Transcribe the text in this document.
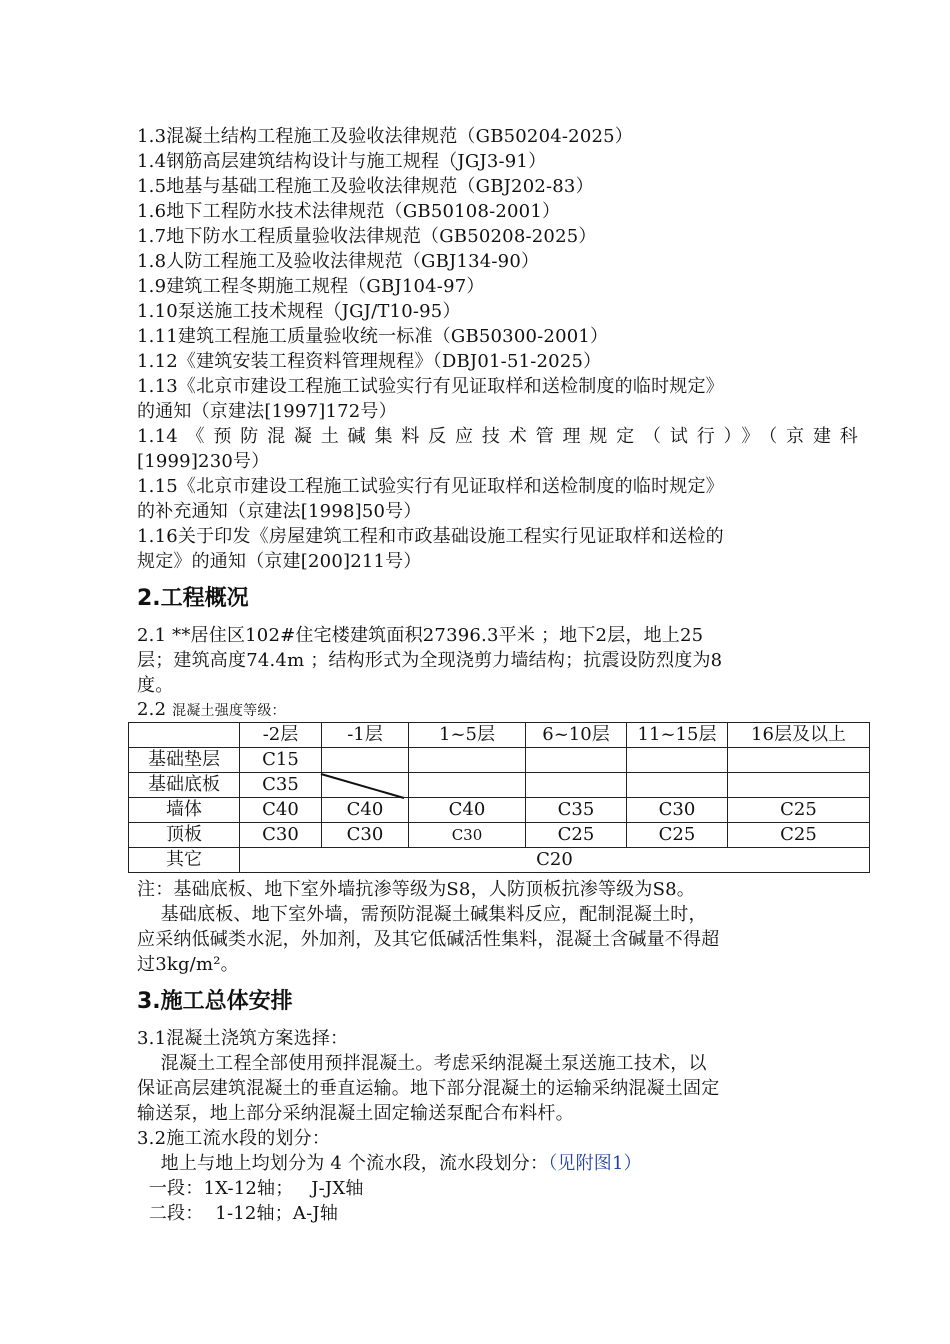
1.3混凝土结构工程施工及验收法律规范（GB50204-2025）
1.4钢筋高层建筑结构设计与施工规程（JGJ3-91）
1.5地基与基础工程施工及验收法律规范（GBJ202-83）
1.6地下工程防水技术法律规范（GB50108-2001）
1.7地下防水工程质量验收法律规范（GB50208-2025）
1.8人防工程施工及验收法律规范（GBJ134-90）
1.9建筑工程冬期施工规程（GBJ104-97）
1.10泵送施工技术规程（JGJ/T10-95）
1.11建筑工程施工质量验收统一标准（GB50300-2001）
1.12《建筑安装工程资料管理规程》（DBJ01-51-2025）
1.13《北京市建设工程施工试验实行有见证取样和送检制度的临时规定》
的通知（京建法[1997]172号）
1.14《预防混凝土碱集料反应技术管理规定（试行）》（京建科
[1999]230号）
1.15《北京市建设工程施工试验实行有见证取样和送检制度的临时规定》
的补充通知（京建法[1998]50号）
1.16关于印发《房屋建筑工程和市政基础设施工程实行见证取样和送检的
规定》的通知（京建[200]211号）
2.工程概况
2.1 **居住区102#住宅楼建筑面积27396.3平米 ；地下2层，地上25
层；建筑高度74.4m ；结构形式为全现浇剪力墙结构；抗震设防烈度为8
度。
2.2 混凝土强度等级：
	-2层	-1层	1~5层	6~10层	11~15层	16层及以上
基础垫层	C15					
基础底板	C35					
墙体	C40	C40	C40	C35	C30	C25
顶板	C30	C30	C30	C25	C25	C25
其它	C20					
注：基础底板、地下室外墙抗渗等级为S8，人防顶板抗渗等级为S8。
基础底板、地下室外墙，需预防混凝土碱集料反应，配制混凝土时，
应采纳低碱类水泥，外加剂，及其它低碱活性集料，混凝土含碱量不得超
过3kg/m²。
3.施工总体安排
3.1混凝土浇筑方案选择：
混凝土工程全部使用预拌混凝土。考虑采纳混凝土泵送施工技术，以
保证高层建筑混凝土的垂直运输。地下部分混凝土的运输采纳混凝土固定
输送泵，地上部分采纳混凝土固定输送泵配合布料杆。
3.2施工流水段的划分：
地上与地上均划分为 4 个流水段，流水段划分：（见附图1）
一段：1X-12轴；   J-JX轴
二段：  1-12轴；A-J轴
